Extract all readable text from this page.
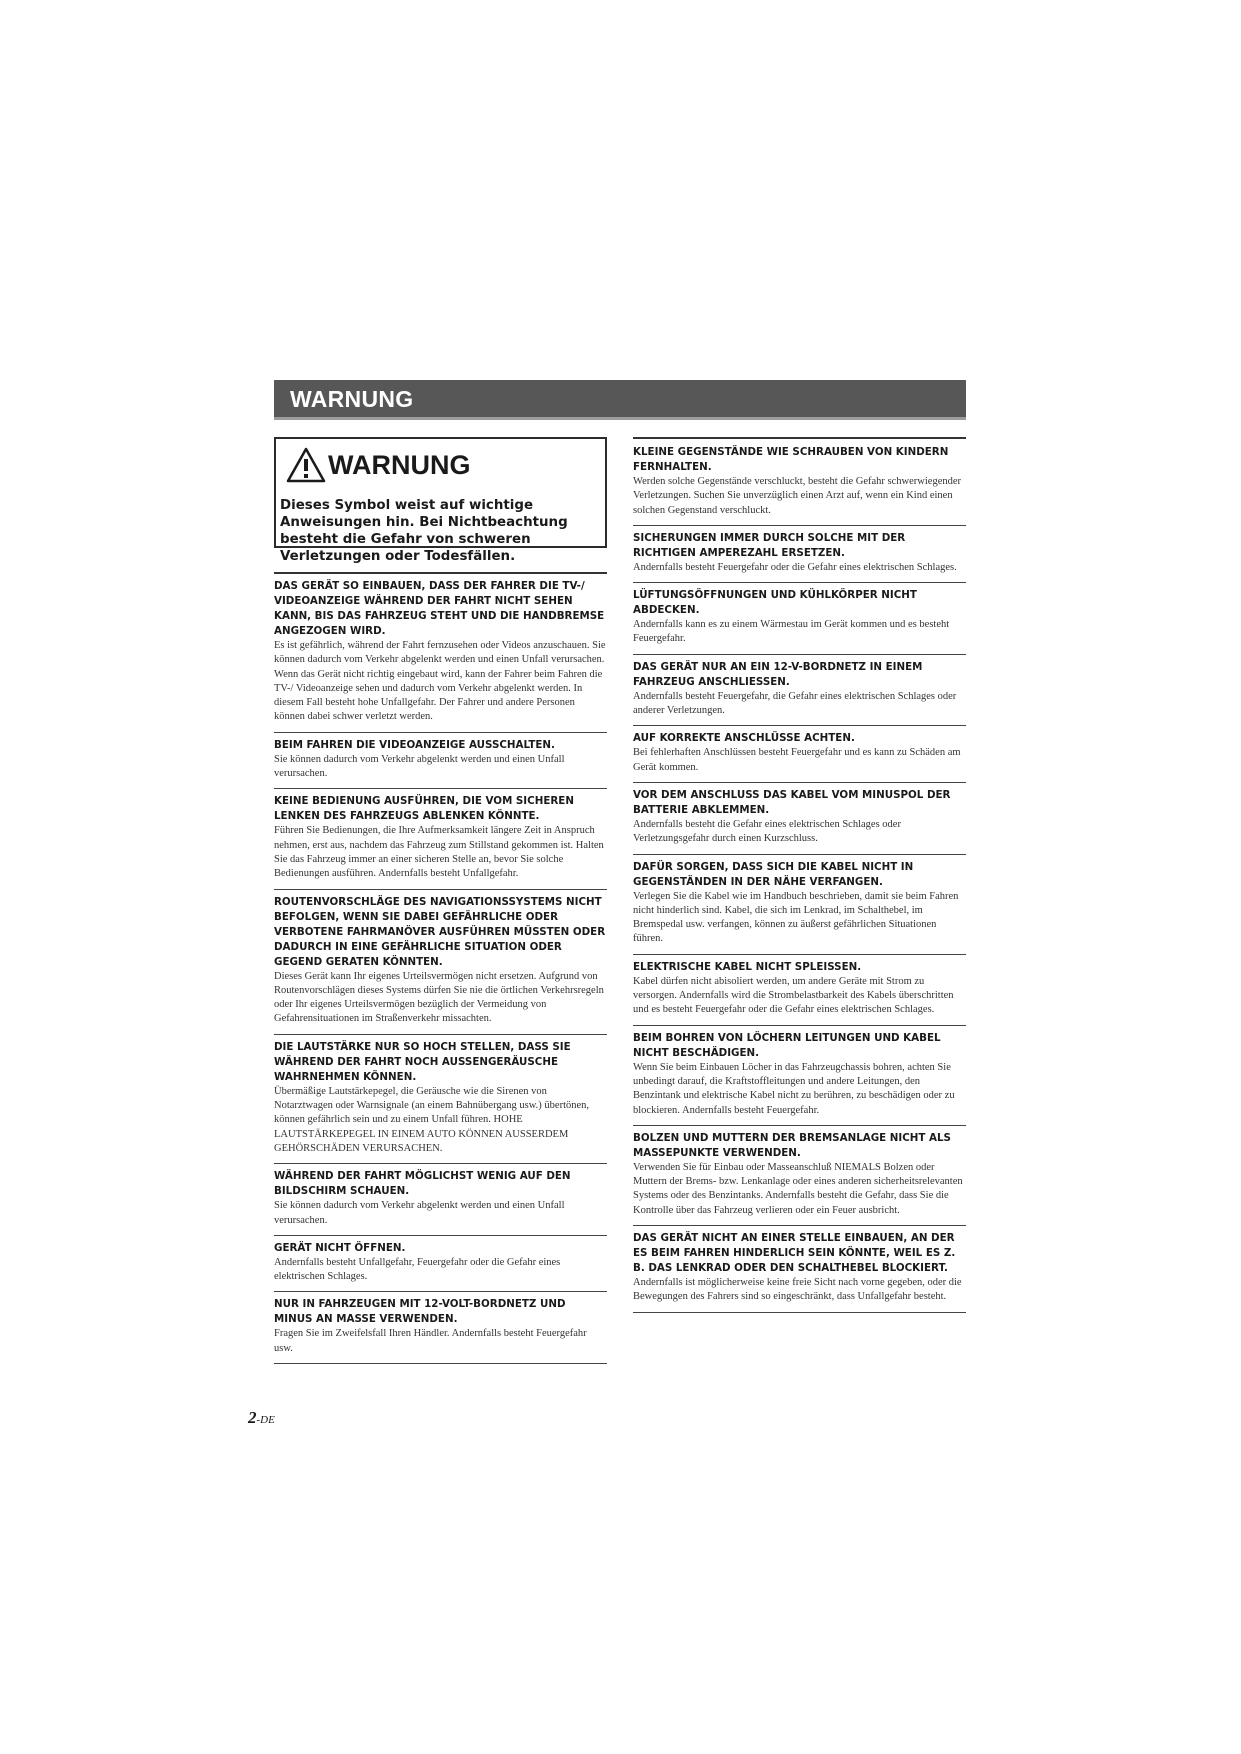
WARNUNG
WARNUNG
Dieses Symbol weist auf wichtige Anweisungen hin. Bei Nichtbeachtung besteht die Gefahr von schweren Verletzungen oder Todesfällen.
DAS GERÄT SO EINBAUEN, DASS DER FAHRER DIE TV-/ VIDEOANZEIGE WÄHREND DER FAHRT NICHT SEHEN KANN, BIS DAS FAHRZEUG STEHT UND DIE HANDBREMSE ANGEZOGEN WIRD.
Es ist gefährlich, während der Fahrt fernzusehen oder Videos anzuschauen. Sie können dadurch vom Verkehr abgelenkt werden und einen Unfall verursachen. Wenn das Gerät nicht richtig eingebaut wird, kann der Fahrer beim Fahren die TV-/ Videoanzeige sehen und dadurch vom Verkehr abgelenkt werden. In diesem Fall besteht hohe Unfallgefahr. Der Fahrer und andere Personen können dabei schwer verletzt werden.
BEIM FAHREN DIE VIDEOANZEIGE AUSSCHALTEN.
Sie können dadurch vom Verkehr abgelenkt werden und einen Unfall verursachen.
KEINE BEDIENUNG AUSFÜHREN, DIE VOM SICHEREN LENKEN DES FAHRZEUGS ABLENKEN KÖNNTE.
Führen Sie Bedienungen, die Ihre Aufmerksamkeit längere Zeit in Anspruch nehmen, erst aus, nachdem das Fahrzeug zum Stillstand gekommen ist. Halten Sie das Fahrzeug immer an einer sicheren Stelle an, bevor Sie solche Bedienungen ausführen. Andernfalls besteht Unfallgefahr.
ROUTENVORSCHLÄGE DES NAVIGATIONSSYSTEMS NICHT BEFOLGEN, WENN SIE DABEI GEFÄHRLICHE ODER VERBOTENE FAHRMANÖVER AUSFÜHREN MÜSSTEN ODER DADURCH IN EINE GEFÄHRLICHE SITUATION ODER GEGEND GERATEN KÖNNTEN.
Dieses Gerät kann Ihr eigenes Urteilsvermögen nicht ersetzen. Aufgrund von Routenvorschlägen dieses Systems dürfen Sie nie die örtlichen Verkehrsregeln oder Ihr eigenes Urteilsvermögen bezüglich der Vermeidung von Gefahrensituationen im Straßenverkehr missachten.
DIE LAUTSTÄRKE NUR SO HOCH STELLEN, DASS SIE WÄHREND DER FAHRT NOCH AUSSENGERÄUSCHE WAHRNEHMEN KÖNNEN.
Übermäßige Lautstärkepegel, die Geräusche wie die Sirenen von Notarztwagen oder Warnsignale (an einem Bahnübergang usw.) übertönen, können gefährlich sein und zu einem Unfall führen. HOHE LAUTSTÄRKEPEGEL IN EINEM AUTO KÖNNEN AUSSERDEM GEHÖRSCHÄDEN VERURSACHEN.
WÄHREND DER FAHRT MÖGLICHST WENIG AUF DEN BILDSCHIRM SCHAUEN.
Sie können dadurch vom Verkehr abgelenkt werden und einen Unfall verursachen.
GERÄT NICHT ÖFFNEN.
Andernfalls besteht Unfallgefahr, Feuergefahr oder die Gefahr eines elektrischen Schlages.
NUR IN FAHRZEUGEN MIT 12-VOLT-BORDNETZ UND MINUS AN MASSE VERWENDEN.
Fragen Sie im Zweifelsfall Ihren Händler. Andernfalls besteht Feuergefahr usw.
KLEINE GEGENSTÄNDE WIE SCHRAUBEN VON KINDERN FERNHALTEN.
Werden solche Gegenstände verschluckt, besteht die Gefahr schwerwiegender Verletzungen. Suchen Sie unverzüglich einen Arzt auf, wenn ein Kind einen solchen Gegenstand verschluckt.
SICHERUNGEN IMMER DURCH SOLCHE MIT DER RICHTIGEN AMPEREZAHL ERSETZEN.
Andernfalls besteht Feuergefahr oder die Gefahr eines elektrischen Schlages.
LÜFTUNGSÖFFNUNGEN UND KÜHLKÖRPER NICHT ABDECKEN.
Andernfalls kann es zu einem Wärmestau im Gerät kommen und es besteht Feuergefahr.
DAS GERÄT NUR AN EIN 12-V-BORDNETZ IN EINEM FAHRZEUG ANSCHLIESSEN.
Andernfalls besteht Feuergefahr, die Gefahr eines elektrischen Schlages oder anderer Verletzungen.
AUF KORREKTE ANSCHLÜSSE ACHTEN.
Bei fehlerhaften Anschlüssen besteht Feuergefahr und es kann zu Schäden am Gerät kommen.
VOR DEM ANSCHLUSS DAS KABEL VOM MINUSPOL DER BATTERIE ABKLEMMEN.
Andernfalls besteht die Gefahr eines elektrischen Schlages oder Verletzungsgefahr durch einen Kurzschluss.
DAFÜR SORGEN, DASS SICH DIE KABEL NICHT IN GEGENSTÄNDEN IN DER NÄHE VERFANGEN.
Verlegen Sie die Kabel wie im Handbuch beschrieben, damit sie beim Fahren nicht hinderlich sind. Kabel, die sich im Lenkrad, im Schalthebel, im Bremspedal usw. verfangen, können zu äußerst gefährlichen Situationen führen.
ELEKTRISCHE KABEL NICHT SPLEISSEN.
Kabel dürfen nicht abisoliert werden, um andere Geräte mit Strom zu versorgen. Andernfalls wird die Strombelastbarkeit des Kabels überschritten und es besteht Feuergefahr oder die Gefahr eines elektrischen Schlages.
BEIM BOHREN VON LÖCHERN LEITUNGEN UND KABEL NICHT BESCHÄDIGEN.
Wenn Sie beim Einbauen Löcher in das Fahrzeugchassis bohren, achten Sie unbedingt darauf, die Kraftstoffleitungen und andere Leitungen, den Benzintank und elektrische Kabel nicht zu berühren, zu beschädigen oder zu blockieren. Andernfalls besteht Feuergefahr.
BOLZEN UND MUTTERN DER BREMSANLAGE NICHT ALS MASSEPUNKTE VERWENDEN.
Verwenden Sie für Einbau oder Masseanschluß NIEMALS Bolzen oder Muttern der Brems- bzw. Lenkanlage oder eines anderen sicherheitsrelevanten Systems oder des Benzintanks. Andernfalls besteht die Gefahr, dass Sie die Kontrolle über das Fahrzeug verlieren oder ein Feuer ausbricht.
DAS GERÄT NICHT AN EINER STELLE EINBAUEN, AN DER ES BEIM FAHREN HINDERLICH SEIN KÖNNTE, WEIL ES Z. B. DAS LENKRAD ODER DEN SCHALTHEBEL BLOCKIERT.
Andernfalls ist möglicherweise keine freie Sicht nach vorne gegeben, oder die Bewegungen des Fahrers sind so eingeschränkt, dass Unfallgefahr besteht.
2-DE
